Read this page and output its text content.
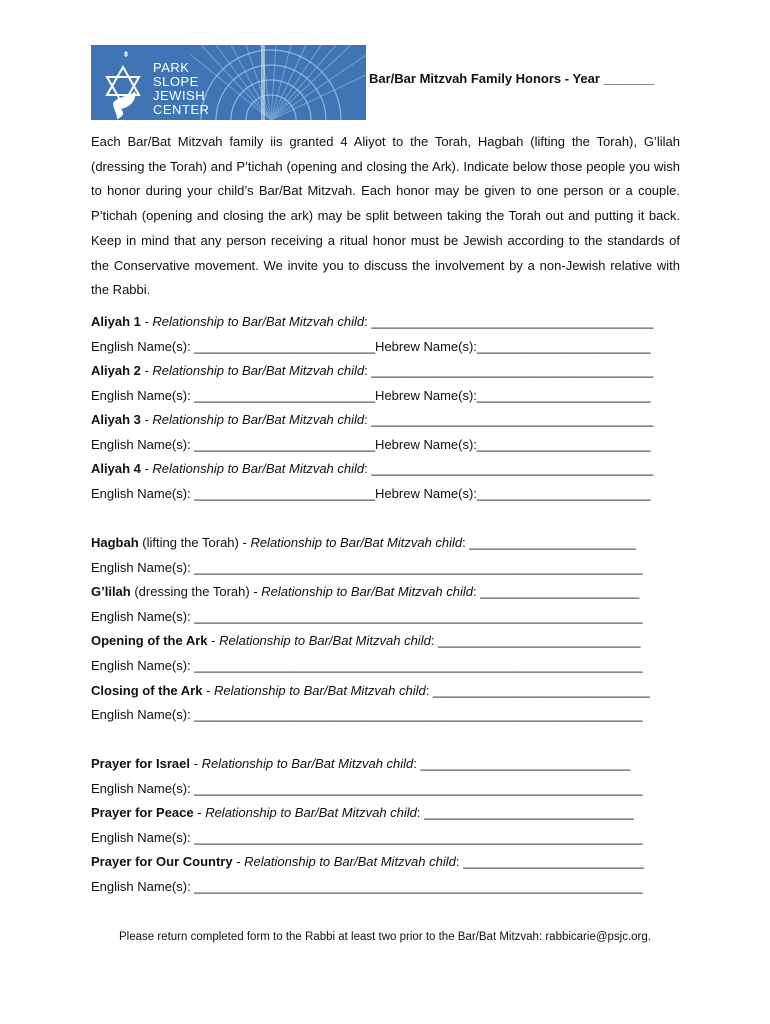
PARK
SLOPE
JEWISH
CENTER
Bar/Bar Mitzvah Family Honors - Year _______
Each Bar/Bat Mitzvah family iis granted 4 Aliyot to the Torah, Hagbah (lifting the Torah), G’lilah (dressing the Torah) and P’tichah (opening and closing the Ark). Indicate below those people you wish to honor during your child’s Bar/Bat Mitzvah. Each honor may be given to one person or a couple. P’tichah (opening and closing the ark) may be split between taking the Torah out and putting it back. Keep in mind that any person receiving a ritual honor must be Jewish according to the standards of the Conservative movement. We invite you to discuss the involvement by a non-Jewish relative with the Rabbi.
Aliyah 1 - Relationship to Bar/Bat Mitzvah child: _______________________________________
English Name(s): _________________________Hebrew Name(s):________________________
Aliyah 2 - Relationship to Bar/Bat Mitzvah child: _______________________________________
English Name(s): _________________________Hebrew Name(s):________________________
Aliyah 3 - Relationship to Bar/Bat Mitzvah child: _______________________________________
English Name(s): _________________________Hebrew Name(s):________________________
Aliyah 4 - Relationship to Bar/Bat Mitzvah child: _______________________________________
English Name(s): _________________________Hebrew Name(s):________________________
Hagbah (lifting the Torah) - Relationship to Bar/Bat Mitzvah child: _______________________
English Name(s): ______________________________________________________________
G’lilah (dressing the Torah) - Relationship to Bar/Bat Mitzvah child: ______________________
English Name(s): ______________________________________________________________
Opening of the Ark - Relationship to Bar/Bat Mitzvah child: ____________________________
English Name(s): ______________________________________________________________
Closing of the Ark - Relationship to Bar/Bat Mitzvah child: ______________________________
English Name(s): ______________________________________________________________
Prayer for Israel - Relationship to Bar/Bat Mitzvah child: _____________________________
English Name(s): ______________________________________________________________
Prayer for Peace - Relationship to Bar/Bat Mitzvah child: _____________________________
English Name(s): ______________________________________________________________
Prayer for Our Country - Relationship to Bar/Bat Mitzvah child: _________________________
English Name(s): ______________________________________________________________
Please return completed form to the Rabbi at least two prior to the Bar/Bat Mitzvah: rabbicarie@psjc.org.
